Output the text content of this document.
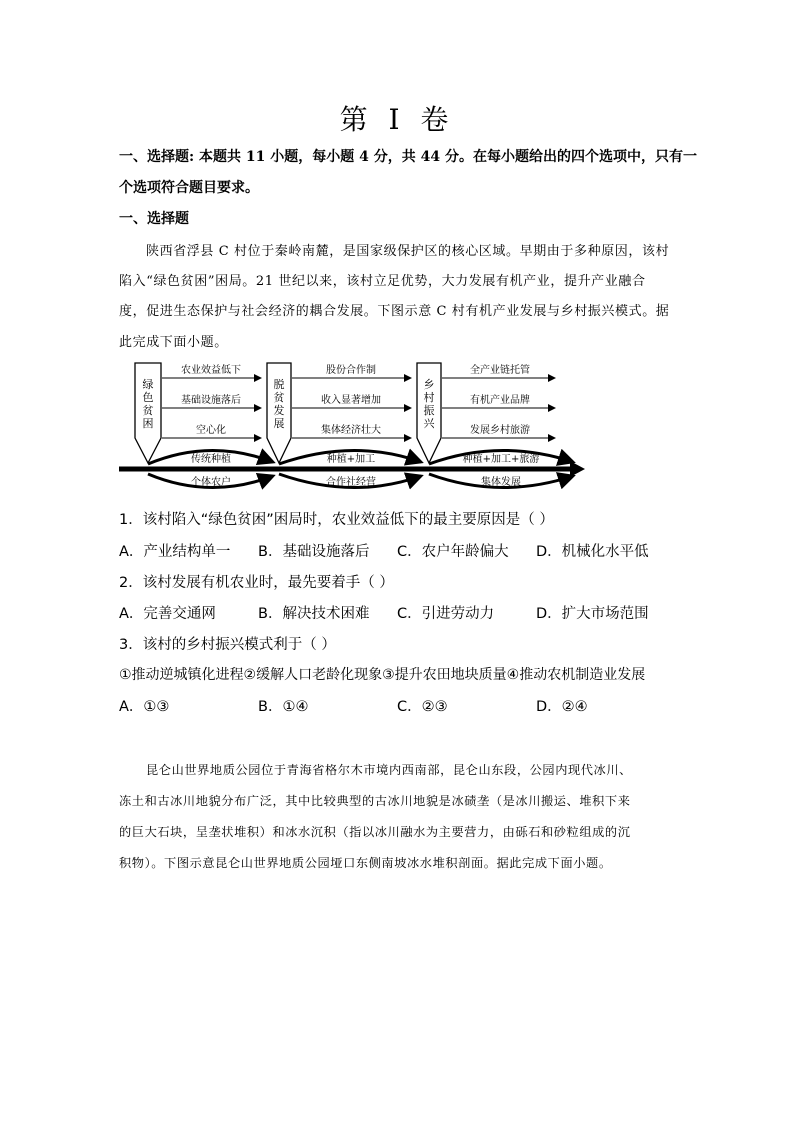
第 I 卷
一、选择题: 本题共 11 小题，每小题 4 分，共 44 分。在每小题给出的四个选项中，只有一
个选项符合题目要求。
一、选择题
陕西省浮县 C 村位于秦岭南麓，是国家级保护区的核心区域。早期由于多种原因，该村
陷入“绿色贫困”困局。21 世纪以来，该村立足优势，大力发展有机产业，提升产业融合
度，促进生态保护与社会经济的耦合发展。下图示意 C 村有机产业发展与乡村振兴模式。据
此完成下面小题。
绿色贫困
脱贫发展
乡村振兴
农业效益低下
基础设施落后
空心化
股份合作制
收入显著增加
集体经济壮大
全产业链托管
有机产业品牌
发展乡村旅游
传统种植	种植+加工	种植+加工+旅游
个体农户	合作社经营	集体发展
1．该村陷入“绿色贫困”困局时，农业效益低下的最主要原因是（ ）
A．产业结构单一 B．基础设施落后 C．农户年龄偏大 D．机械化水平低
2．该村发展有机农业时，最先要着手（ ）
A．完善交通网	B．解决技术困难 C．引进劳动力	D．扩大市场范围
3．该村的乡村振兴模式利于（ ）
①推动逆城镇化进程②缓解人口老龄化现象③提升农田地块质量④推动农机制造业发展
A．①③	B．①④	C．②③	D．②④
昆仑山世界地质公园位于青海省格尔木市境内西南部，昆仑山东段，公园内现代冰川、
冻土和古冰川地貌分布广泛，其中比较典型的古冰川地貌是冰碛垄（是冰川搬运、堆积下来
的巨大石块，呈垄状堆积）和冰水沉积（指以冰川融水为主要营力，由砾石和砂粒组成的沉
积物）。下图示意昆仑山世界地质公园垭口东侧南坡冰水堆积剖面。据此完成下面小题。
